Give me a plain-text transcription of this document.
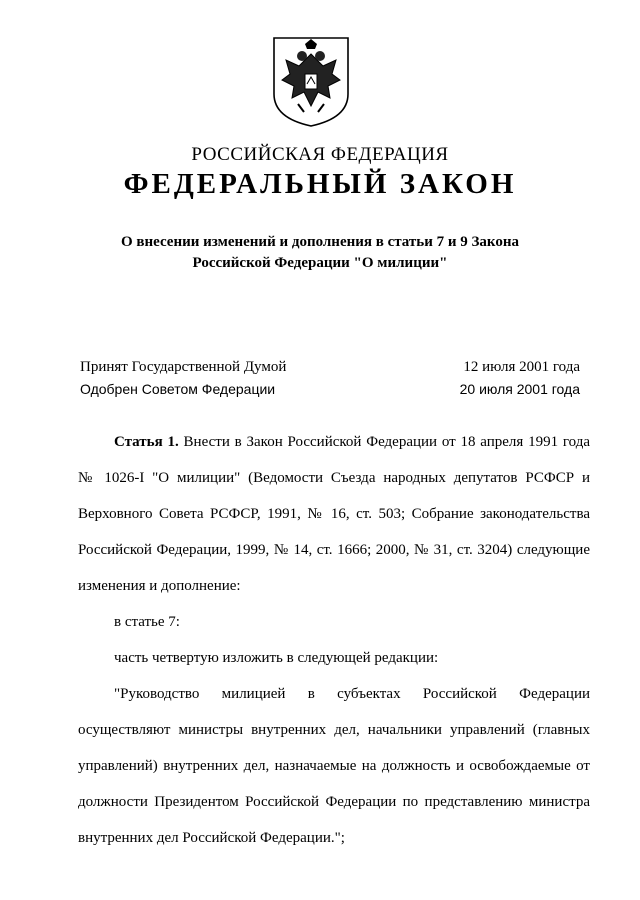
РОССИЙСКАЯ ФЕДЕРАЦИЯ
ФЕДЕРАЛЬНЫЙ ЗАКОН
О внесении изменений и дополнения в статьи 7 и 9 Закона
Российской Федерации "О милиции"
Принят Государственной Думой	12 июля 2001 года
Одобрен Советом Федерации	20 июля 2001 года

Статья 1. Внести в Закон Российской Федерации от 18 апреля 1991 года № 1026-I "О милиции" (Ведомости Съезда народных депутатов РСФСР и Верховного Совета РСФСР, 1991, № 16, ст. 503; Собрание законодательства Российской Федерации, 1999, № 14, ст. 1666; 2000, № 31, ст. 3204) следующие изменения и дополнение:

в статье 7:
часть четвертую изложить в следующей редакции:

"Руководство милицией в субъектах Российской Федерации осуществляют министры внутренних дел, начальники управлений (главных управлений) внутренних дел, назначаемые на должность и освобождаемые от должности Президентом Российской Федерации по представлению министра внутренних дел Российской Федерации.";
